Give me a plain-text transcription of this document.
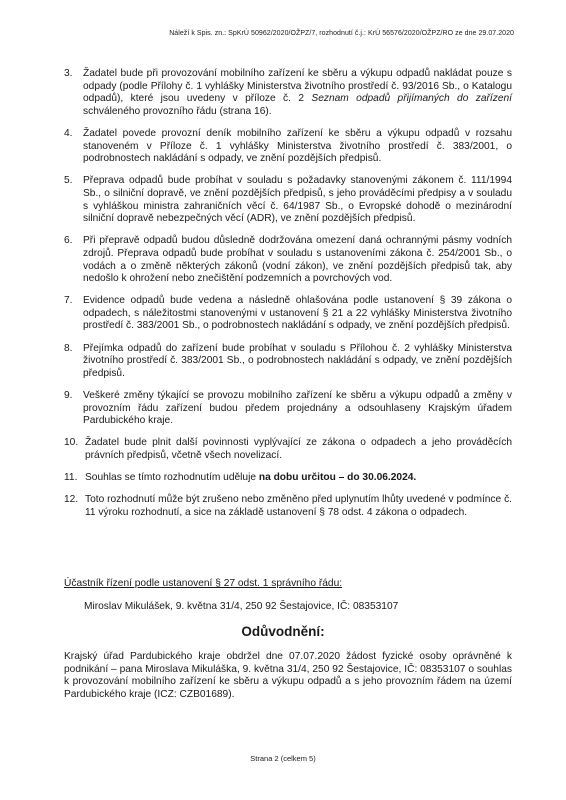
Náleží k Spis. zn.: SpKrÚ 50962/2020/OŽPZ/7, rozhodnutí č.j.: KrÚ 56576/2020/OŽPZ/RO ze dne 29.07.2020
3.	Žadatel bude při provozování mobilního zařízení ke sběru a výkupu odpadů nakládat pouze s odpady (podle Přílohy č. 1 vyhlášky Ministerstva životního prostředí č. 93/2016 Sb., o Katalogu odpadů), které jsou uvedeny v příloze č. 2 Seznam odpadů přijímaných do zařízení schváleného provozního řádu (strana 16).
4.	Žadatel povede provozní deník mobilního zařízení ke sběru a výkupu odpadů v rozsahu stanoveném v Příloze č. 1 vyhlášky Ministerstva životního prostředí č. 383/2001, o podrobnostech nakládání s odpady, ve znění pozdějších předpisů.
5.	Přeprava odpadů bude probíhat v souladu s požadavky stanovenými zákonem č. 111/1994 Sb., o silniční dopravě, ve znění pozdějších předpisů, s jeho prováděcími předpisy a v souladu s vyhláškou ministra zahraničních věcí č. 64/1987 Sb., o Evropské dohodě o mezinárodní silniční dopravě nebezpečných věcí (ADR), ve znění pozdějších předpisů.
6.	Při přepravě odpadů budou důsledně dodržována omezení daná ochrannými pásmy vodních zdrojů. Přeprava odpadů bude probíhat v souladu s ustanoveními zákona č. 254/2001 Sb., o vodách a o změně některých zákonů (vodní zákon), ve znění pozdějších předpisů tak, aby nedošlo k ohrožení nebo znečištění podzemních a povrchových vod.
7.	Evidence odpadů bude vedena a následně ohlašována podle ustanovení § 39 zákona o odpadech, s náležitostmi stanovenými v ustanovení § 21 a 22 vyhlášky Ministerstva životního prostředí č. 383/2001 Sb., o podrobnostech nakládání s odpady, ve znění pozdějších předpisů.
8.	Přejímka odpadů do zařízení bude probíhat v souladu s Přílohou č. 2 vyhlášky Ministerstva životního prostředí č. 383/2001 Sb., o podrobnostech nakládání s odpady, ve znění pozdějších předpisů.
9.	Veškeré změny týkající se provozu mobilního zařízení ke sběru a výkupu odpadů a změny v provozním řádu zařízení budou předem projednány a odsouhlaseny Krajským úřadem Pardubického kraje.
10. Žadatel bude plnit další povinnosti vyplývající ze zákona o odpadech a jeho prováděcích právních předpisů, včetně všech novelizací.
11. Souhlas se tímto rozhodnutím uděluje na dobu určitou – do 30.06.2024.
12. Toto rozhodnutí může být zrušeno nebo změněno před uplynutím lhůty uvedené v podmínce č. 11 výroku rozhodnutí, a sice na základě ustanovení § 78 odst. 4 zákona o odpadech.
Účastník řízení podle ustanovení § 27 odst. 1 správního řádu:
Miroslav Mikulášek, 9. května 31/4, 250 92 Šestajovice, IČ: 08353107
Odůvodnění:

Krajský úřad Pardubického kraje obdržel dne 07.07.2020 žádost fyzické osoby oprávněné k podnikání – pana Miroslava Mikuláška, 9. května 31/4, 250 92 Šestajovice, IČ: 08353107 o souhlas k provozování mobilního zařízení ke sběru a výkupu odpadů a s jeho provozním řádem na území Pardubického kraje (ICZ: CZB01689).

Strana 2 (celkem 5)
